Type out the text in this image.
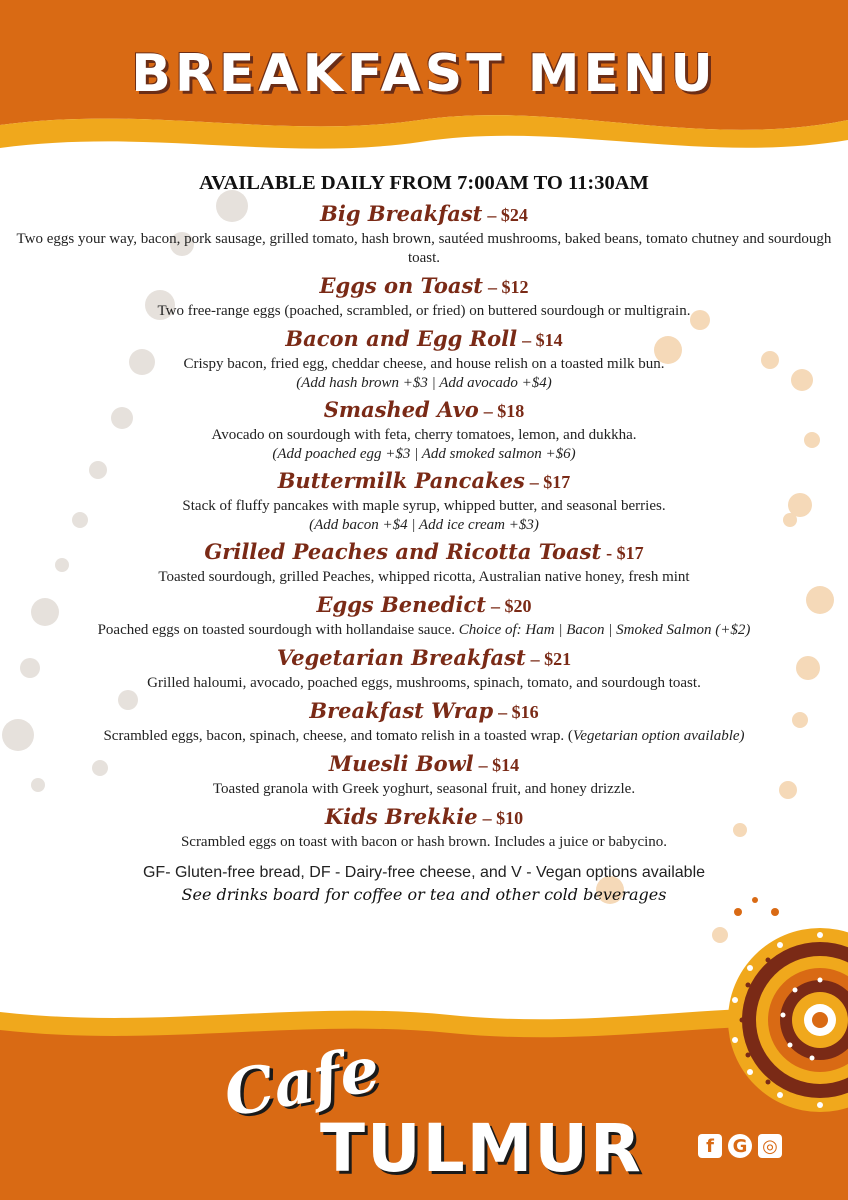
BREAKFAST MENU
AVAILABLE DAILY FROM 7:00AM TO 11:30AM
Big Breakfast – $24
Two eggs your way, bacon, pork sausage, grilled tomato, hash brown, sautéed mushrooms, baked beans, tomato chutney and sourdough toast.
Eggs on Toast – $12
Two free-range eggs (poached, scrambled, or fried) on buttered sourdough or multigrain.
Bacon and Egg Roll – $14
Crispy bacon, fried egg, cheddar cheese, and house relish on a toasted milk bun.
(Add hash brown +$3 | Add avocado +$4)
Smashed Avo – $18
Avocado on sourdough with feta, cherry tomatoes, lemon, and dukkha.
(Add poached egg +$3 | Add smoked salmon +$6)
Buttermilk Pancakes – $17
Stack of fluffy pancakes with maple syrup, whipped butter, and seasonal berries.
(Add bacon +$4 | Add ice cream +$3)
Grilled Peaches and Ricotta Toast - $17
Toasted sourdough, grilled Peaches, whipped ricotta, Australian native honey, fresh mint
Eggs Benedict – $20
Poached eggs on toasted sourdough with hollandaise sauce. Choice of: Ham | Bacon | Smoked Salmon (+$2)
Vegetarian Breakfast – $21
Grilled haloumi, avocado, poached eggs, mushrooms, spinach, tomato, and sourdough toast.
Breakfast Wrap – $16
Scrambled eggs, bacon, spinach, cheese, and tomato relish in a toasted wrap. (Vegetarian option available)
Muesli Bowl – $14
Toasted granola with Greek yoghurt, seasonal fruit, and honey drizzle.
Kids Brekkie – $10
Scrambled eggs on toast with bacon or hash brown. Includes a juice or babycino.
GF- Gluten-free bread, DF - Dairy-free cheese, and V - Vegan options available
See drinks board for coffee or tea and other cold beverages
Cafe
TULMUR	f	G ◎
